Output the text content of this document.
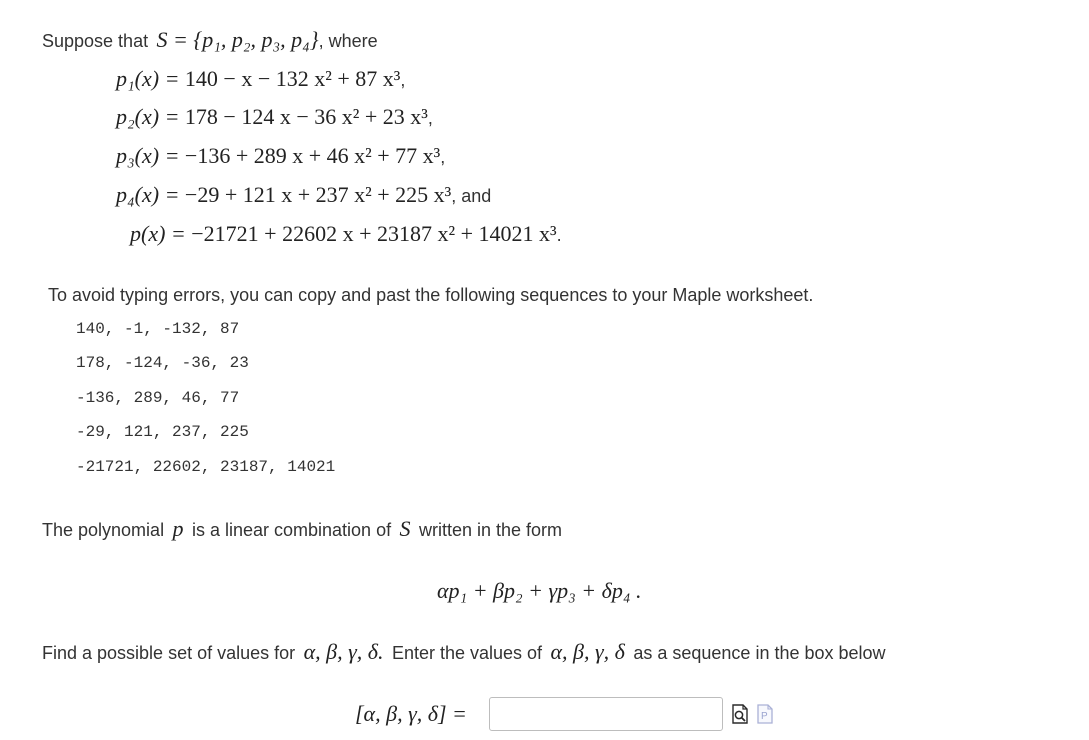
Suppose that S = {p₁, p₂, p₃, p₄}, where
p₁(x) = 140 − x − 132 x² + 87 x³,
p₂(x) = 178 − 124 x − 36 x² + 23 x³,
p₃(x) = −136 + 289 x + 46 x² + 77 x³,
p₄(x) = −29 + 121 x + 237 x² + 225 x³, and
p(x) = −21721 + 22602 x + 23187 x² + 14021 x³.
To avoid typing errors, you can copy and past the following sequences to your Maple worksheet.
140, -1, -132, 87
178, -124, -36, 23
-136, 289, 46, 77
-29, 121, 237, 225
-21721, 22602, 23187, 14021
The polynomial p is a linear combination of S written in the form
αp₁ + βp₂ + γp₃ + δp₄ .
Find a possible set of values for α, β, γ, δ. Enter the values of α, β, γ, δ as a sequence in the box below
[α, β, γ, δ] =	P
